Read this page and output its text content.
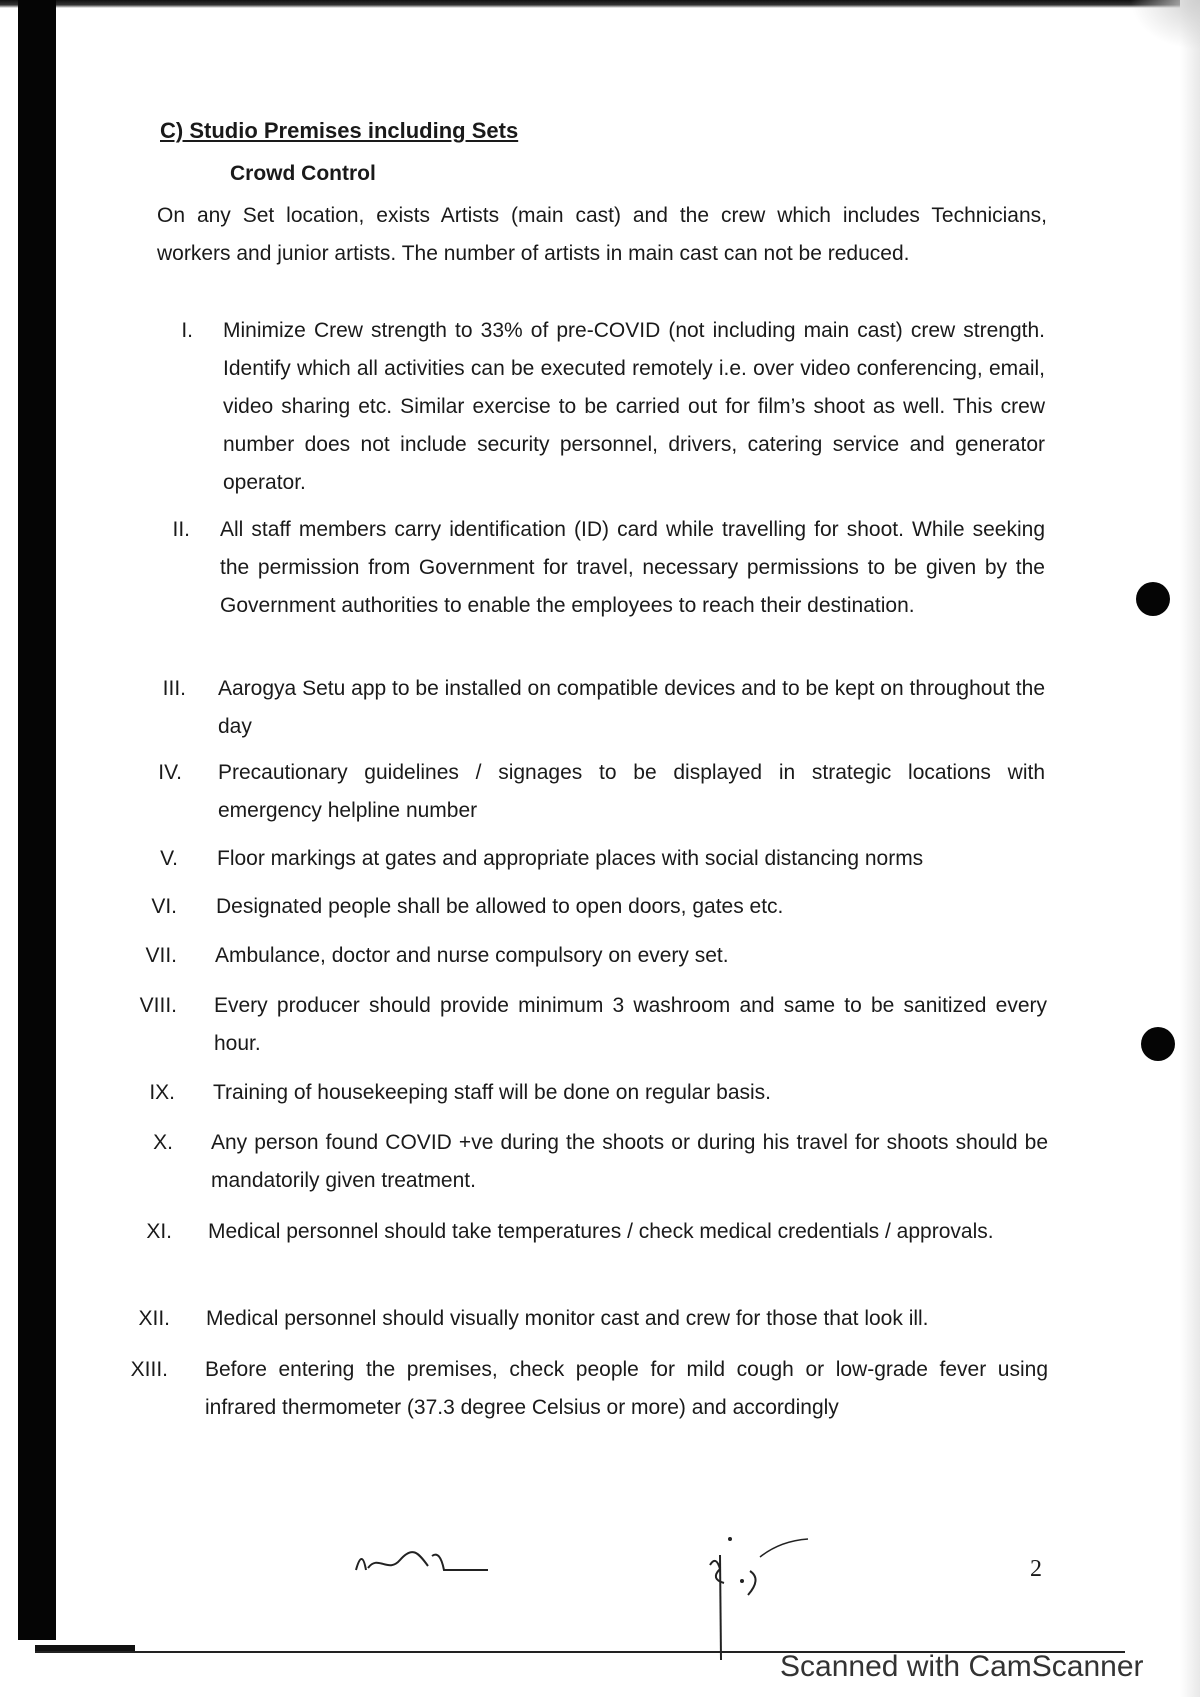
C) Studio Premises including Sets
Crowd Control
On any Set location, exists Artists (main cast) and the crew which includes Technicians, workers and junior artists. The number of artists in main cast can not be reduced.
I. Minimize Crew strength to 33% of pre-COVID (not including main cast) crew strength. Identify which all activities can be executed remotely i.e. over video conferencing, email, video sharing etc. Similar exercise to be carried out for film’s shoot as well. This crew number does not include security personnel, drivers, catering service and generator operator.
II. All staff members carry identification (ID) card while travelling for shoot. While seeking the permission from Government for travel, necessary permissions to be given by the Government authorities to enable the employees to reach their destination.
III. Aarogya Setu app to be installed on compatible devices and to be kept on throughout the day
IV. Precautionary guidelines / signages to be displayed in strategic locations with emergency helpline number
V. Floor markings at gates and appropriate places with social distancing norms
VI. Designated people shall be allowed to open doors, gates etc.
VII. Ambulance, doctor and nurse compulsory on every set.
VIII. Every producer should provide minimum 3 washroom and same to be sanitized every hour.
IX. Training of housekeeping staff will be done on regular basis.
X. Any person found COVID +ve during the shoots or during his travel for shoots should be mandatorily given treatment.
XI. Medical personnel should take temperatures / check medical credentials / approvals.
XII. Medical personnel should visually monitor cast and crew for those that look ill.
XIII. Before entering the premises, check people for mild cough or low-grade fever using infrared thermometer (37.3 degree Celsius or more) and accordingly
2
Scanned with CamScanner
